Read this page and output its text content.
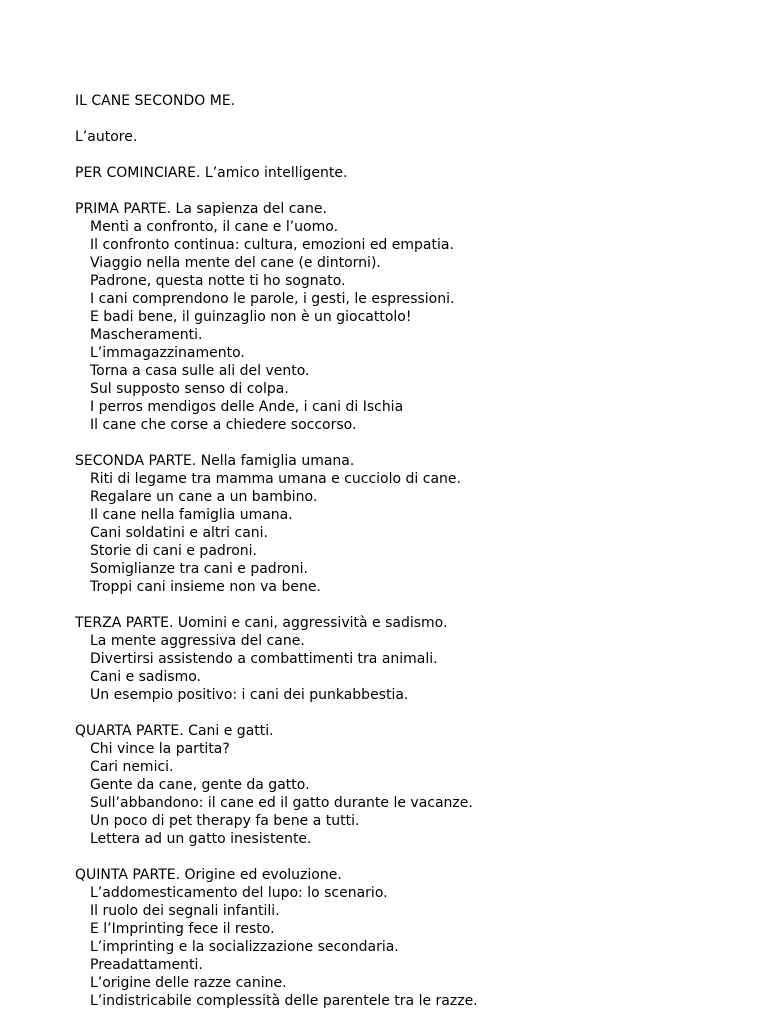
IL CANE SECONDO ME.
L’autore.
PER COMINCIARE. L’amico intelligente.
PRIMA PARTE. La sapienza del cane.
Menti a confronto, il cane e l’uomo.
Il confronto continua: cultura, emozioni ed empatia.
Viaggio nella mente del cane (e dintorni).
Padrone, questa notte ti ho sognato.
I cani comprendono le parole, i gesti, le espressioni.
E badi bene, il guinzaglio non è un giocattolo!
Mascheramenti.
L’immagazzinamento.
Torna a casa sulle ali del vento.
Sul supposto senso di colpa.
I perros mendigos delle Ande, i cani di Ischia
Il cane che corse a chiedere soccorso.
SECONDA PARTE. Nella famiglia umana.
Riti di legame tra mamma umana e cucciolo di cane.
Regalare un cane a un bambino.
Il cane nella famiglia umana.
Cani soldatini e altri cani.
Storie di cani e padroni.
Somiglianze tra cani e padroni.
Troppi cani insieme non va bene.
TERZA PARTE. Uomini e cani, aggressività e sadismo.
La mente aggressiva del cane.
Divertirsi assistendo a combattimenti tra animali.
Cani e sadismo.
Un esempio positivo: i cani dei punkabbestia.
QUARTA PARTE. Cani e gatti.
Chi vince la partita?
Cari nemici.
Gente da cane, gente da gatto.
Sull’abbandono: il cane ed il gatto durante le vacanze.
Un poco di pet therapy fa bene a tutti.
Lettera ad un gatto inesistente.
QUINTA PARTE. Origine ed evoluzione.
L’addomesticamento del lupo: lo scenario.
Il ruolo dei segnali infantili.
E l’Imprinting fece il resto.
L’imprinting e la socializzazione secondaria.
Preadattamenti.
L’origine delle razze canine.
L’indistricabile complessità delle parentele tra le razze.
